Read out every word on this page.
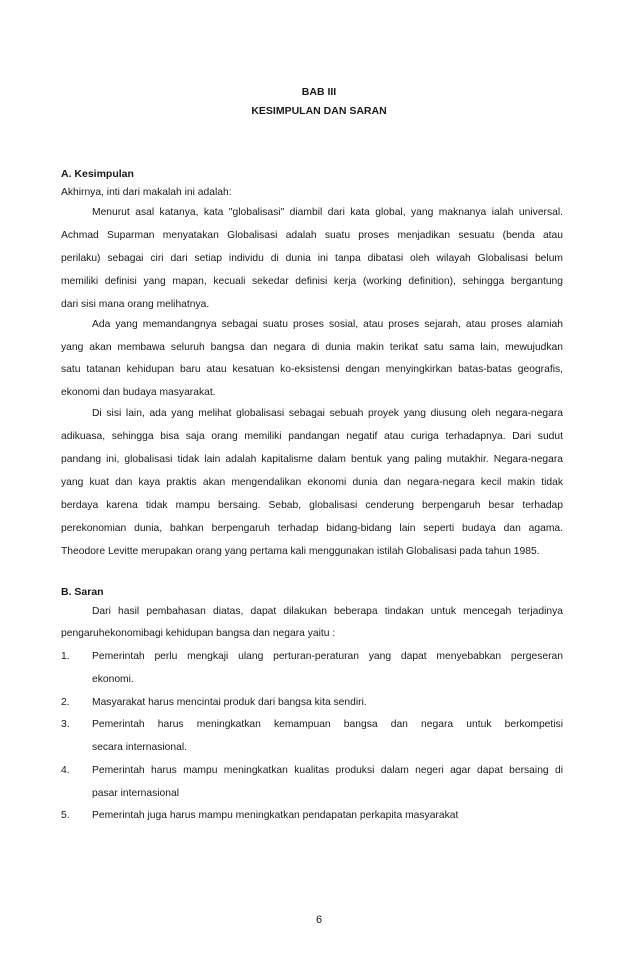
BAB III
KESIMPULAN DAN SARAN
A. Kesimpulan
Akhirnya, inti dari makalah ini adalah:
Menurut asal katanya, kata "globalisasi" diambil dari kata global, yang maknanya ialah universal.
Achmad Suparman menyatakan Globalisasi adalah suatu proses menjadikan sesuatu (benda atau
perilaku) sebagai ciri dari setiap individu di dunia ini tanpa dibatasi oleh wilayah Globalisasi belum
memiliki definisi yang mapan, kecuali sekedar definisi kerja (working definition), sehingga bergantung
dari sisi mana orang melihatnya.
Ada yang memandangnya sebagai suatu proses sosial, atau proses sejarah, atau proses alamiah
yang akan membawa seluruh bangsa dan negara di dunia makin terikat satu sama lain, mewujudkan
satu tatanan kehidupan baru atau kesatuan ko-eksistensi dengan menyingkirkan batas-batas geografis,
ekonomi dan budaya masyarakat.
Di sisi lain, ada yang melihat globalisasi sebagai sebuah proyek yang diusung oleh negara-negara
adikuasa, sehingga bisa saja orang memiliki pandangan negatif atau curiga terhadapnya. Dari sudut
pandang ini, globalisasi tidak lain adalah kapitalisme dalam bentuk yang paling mutakhir. Negara-negara
yang kuat dan kaya praktis akan mengendalikan ekonomi dunia dan negara-negara kecil makin tidak
berdaya karena tidak mampu bersaing. Sebab, globalisasi cenderung berpengaruh besar terhadap
perekonomian dunia, bahkan berpengaruh terhadap bidang-bidang lain seperti budaya dan agama.
Theodore Levitte merupakan orang yang pertama kali menggunakan istilah Globalisasi pada tahun 1985.
B. Saran
Dari hasil pembahasan diatas, dapat dilakukan beberapa tindakan untuk mencegah terjadinya
pengaruhekonomibagi kehidupan bangsa dan negara yaitu :
1. Pemerintah perlu mengkaji ulang perturan-peraturan yang dapat menyebabkan pergeseran
ekonomi.
2. Masyarakat harus mencintai produk dari bangsa kita sendiri.
3. Pemerintah harus meningkatkan kemampuan bangsa dan negara untuk berkompetisi
secara internasional.
4. Pemerintah harus mampu meningkatkan kualitas produksi dalam negeri agar dapat bersaing di
pasar internasional
5. Pemerintah juga harus mampu meningkatkan pendapatan perkapita masyarakat
6
